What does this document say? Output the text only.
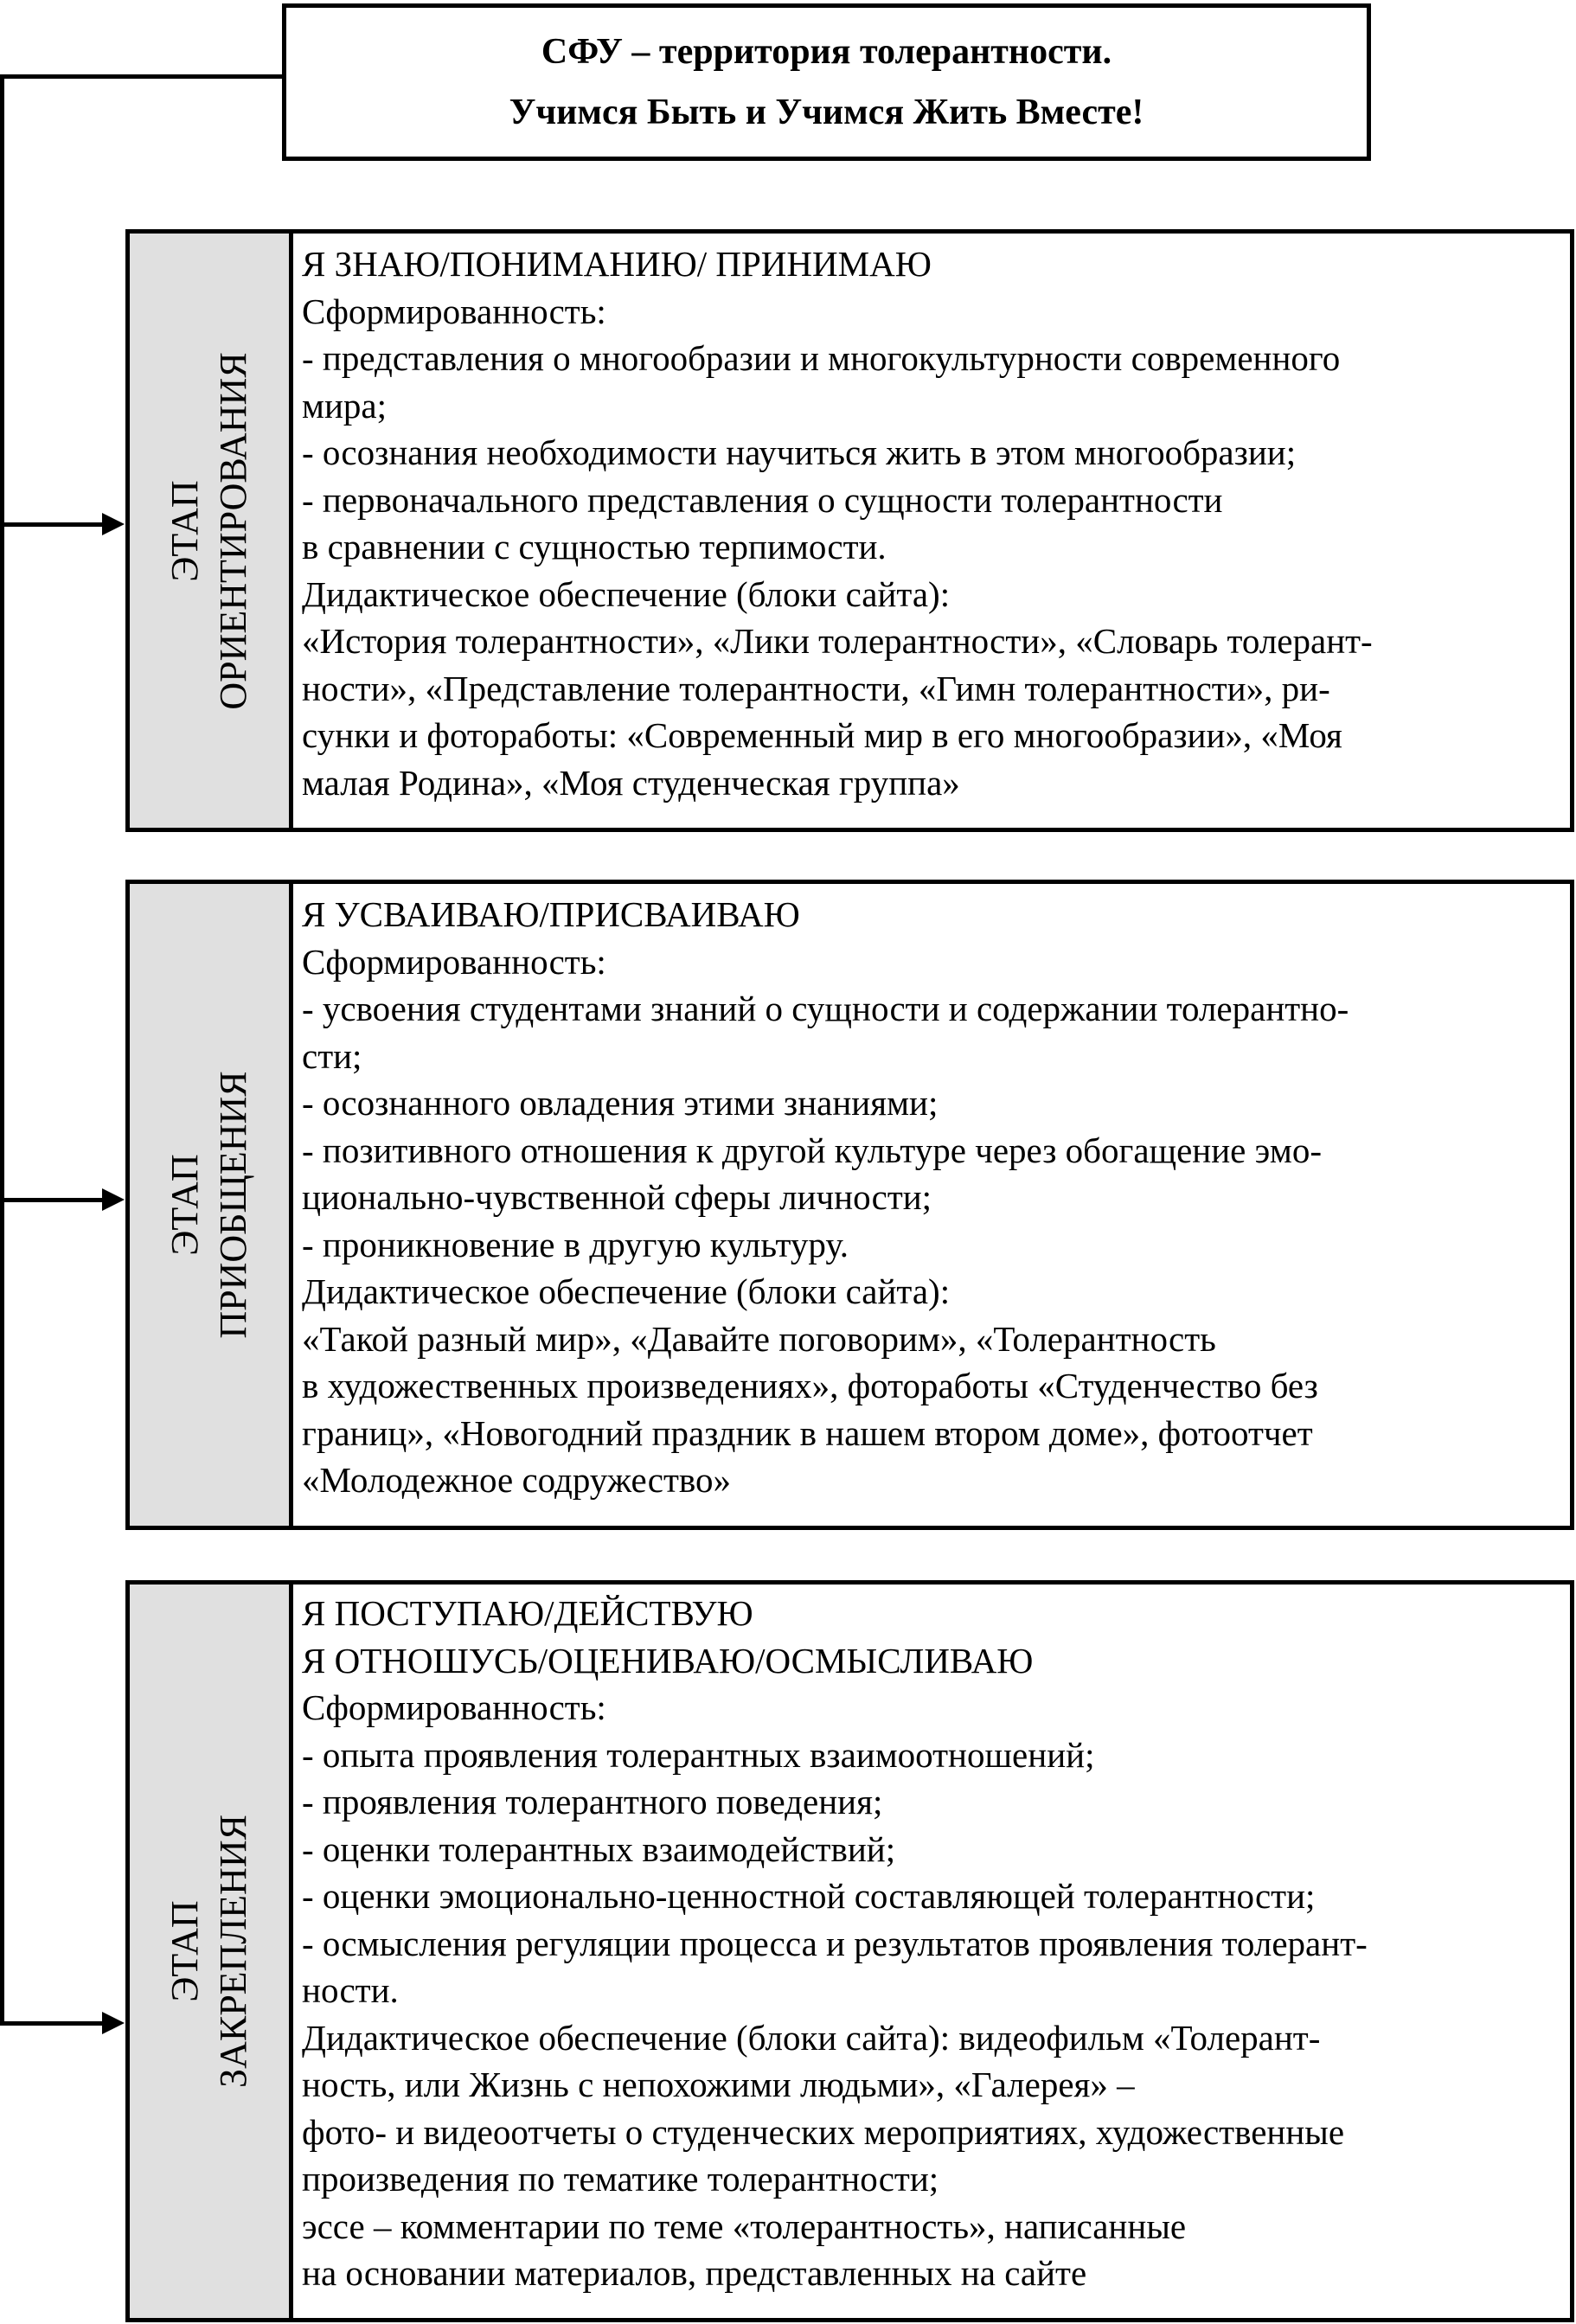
СФУ – территория толерантности.
Учимся Быть и Учимся Жить Вместе!
ЭТАП ОРИЕНТИРОВАНИЯ
Я ЗНАЮ/ПОНИМАНИЮ/ ПРИНИМАЮ
Сформированность:
- представления о многообразии и многокультурности современного
мира;
- осознания необходимости научиться жить в этом многообразии;
- первоначального представления о сущности толерантности
в сравнении с сущностью терпимости.
Дидактическое обеспечение (блоки сайта):
«История толерантности», «Лики толерантности», «Словарь толерант-
ности», «Представление толерантности, «Гимн толерантности», ри-
сунки и фотоработы: «Современный мир в его многообразии», «Моя
малая Родина», «Моя студенческая группа»
ЭТАП ПРИОБЩЕНИЯ
Я УСВАИВАЮ/ПРИСВАИВАЮ
Сформированность:
- усвоения студентами знаний о сущности и содержании толерантно-
сти;
- осознанного овладения этими знаниями;
- позитивного отношения к другой культуре через обогащение эмо-
ционально-чувственной сферы личности;
- проникновение в другую культуру.
Дидактическое обеспечение (блоки сайта):
«Такой разный мир», «Давайте поговорим», «Толерантность
в художественных произведениях», фотоработы «Студенчество без
границ», «Новогодний праздник в нашем втором доме», фотоотчет
«Молодежное содружество»
ЭТАП ЗАКРЕПЛЕНИЯ
Я ПОСТУПАЮ/ДЕЙСТВУЮ
Я ОТНОШУСЬ/ОЦЕНИВАЮ/ОСМЫСЛИВАЮ
Сформированность:
- опыта проявления толерантных взаимоотношений;
- проявления толерантного поведения;
- оценки толерантных взаимодействий;
- оценки эмоционально-ценностной составляющей толерантности;
- осмысления регуляции процесса и результатов проявления толерант-
ности.
Дидактическое обеспечение (блоки сайта): видеофильм «Толерант-
ность, или Жизнь с непохожими людьми», «Галерея» –
фото- и видеоотчеты о студенческих мероприятиях, художественные
произведения по тематике толерантности;
эссе – комментарии по теме «толерантность», написанные
на основании материалов, представленных на сайте
